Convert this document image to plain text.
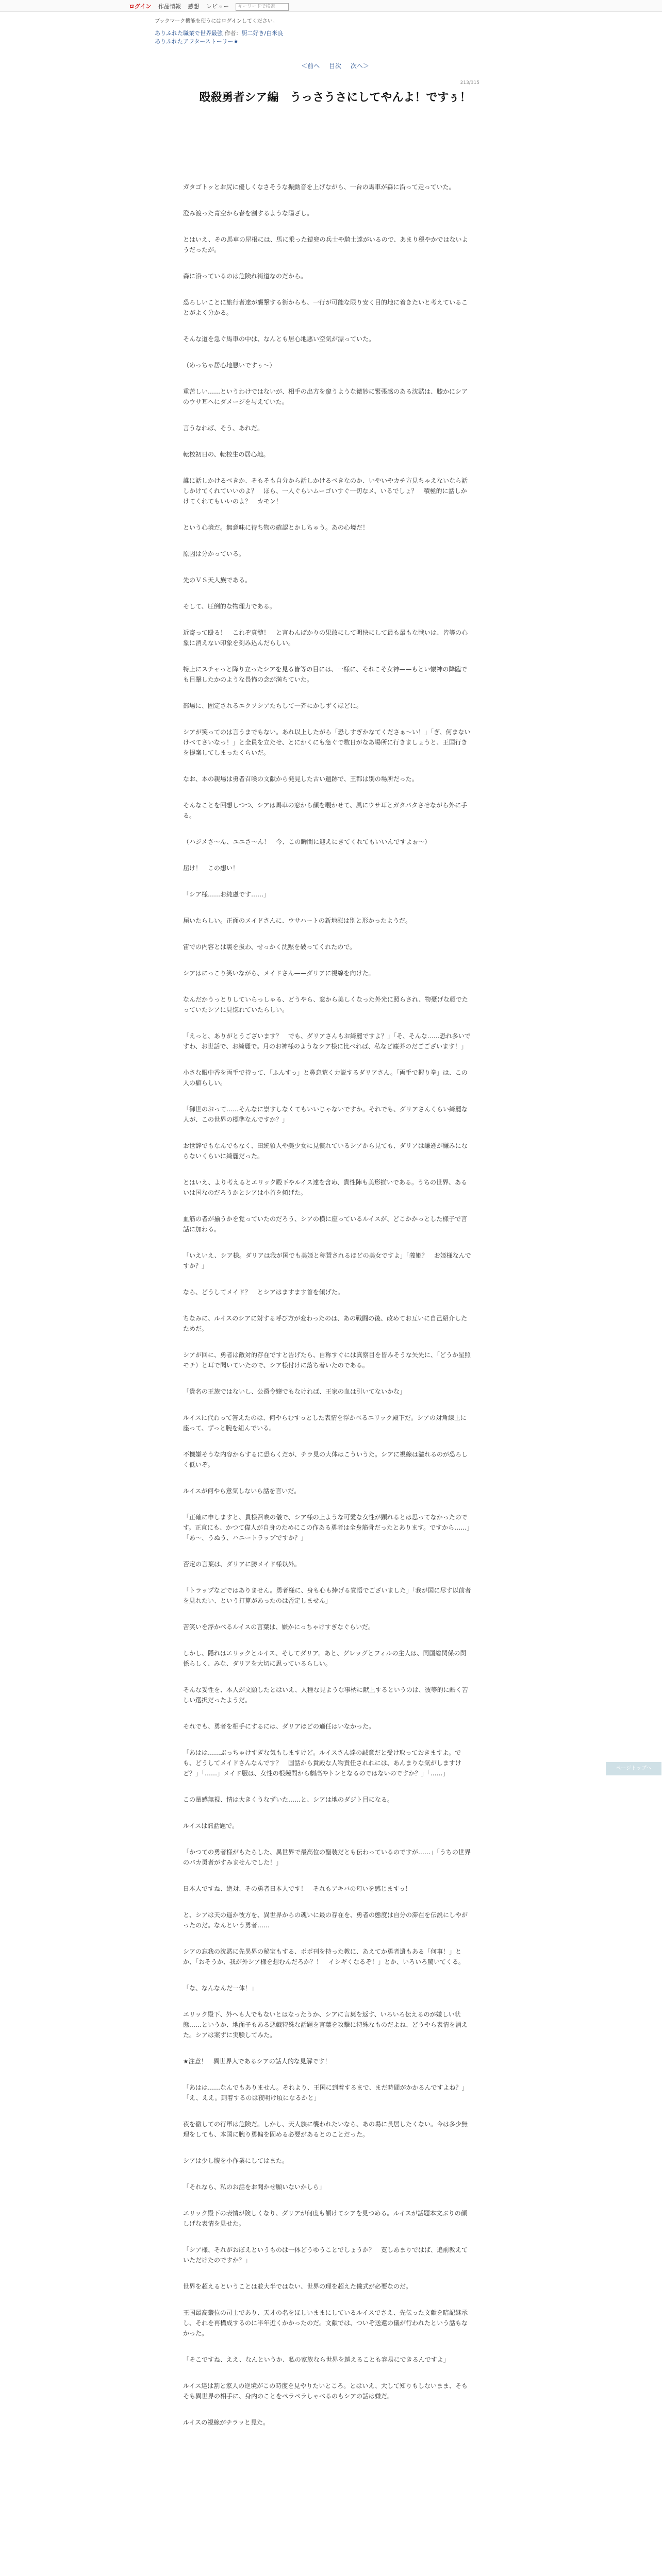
ログイン 作品情報 感想 レビュー キーワードで検索
ブックマーク機能を使うにはログインしてください。
ありふれた職業で世界最強 作者：厨二好き/白米良
ありふれたアフターストーリー★
＜前へ 目次 次へ＞
213/315
殴殺勇者シア編　うっさうさにしてやんよ！ですぅ！

ガタゴトッとお尻に優しくなさそうな振動音を上げながら、一台の馬車が森に沿って走っていた。

澄み渡った青空から春を割するような陽ざし。

とはいえ、その馬車の屋根には、馬に乗った鎧兜の兵士や騎士達がいるので、あまり穏やかではないようだったが。

森に沿っているのは危険れ街道なのだから。

恐ろしいことに旅行者達が襲撃する街からも、一行が可能な限り安く目的地に着きたいと考えていることがよく分かる。

そんな道を急ぐ馬車の中は、なんとも居心地悪い空気が漂っていた。

（めっちゃ居心地悪いですぅ～）

重苦しい……というわけではないが、相手の出方を窺うような微妙に緊張感のある沈黙は、膝かにシアのウサ耳へにダメージを与えていた。

言うなれば、そう、あれだ。

転校初日の、転校生の居心地。

誰に話しかけるべきか、そもそも自分から話しかけるべきなのか、いやいやカチ方見ちゃえないなら話しかけてくれていいのよ？　ほら、一人ぐらいムーゴいすぐ一切なメ、いるでしょ？　積極的に話しかけてくれてもいいのよ？　カモン！

という心境だ。無意味に待ち物の確認とかしちゃう。あの心境だ！

原因は分かっている。

先のＶＳ天人族である。

そして、圧倒的な物理力である。

近寄って殴る！　これぞ真髄！　と言わんばかりの果敢にして明快にして最も最もな戦いは、皆等の心象に消えない印象を刻み込んだらしい。

特上にスチャっと降り立ったシアを見る皆等の目には、一様に、それこそ女神——もとい懐神の降臨でも目撃したかのような畏怖の念が満ちていた。

部場に、固定されるエクソシアたちして一斉にかしずくほどに。

シアが笑ってのは言うまでもない。あれ以上したがら「恐しすぎかなてくださぁ～い！」「ぎ、何まないけべてさいなっ！」と全員を立たせ、とにかくにも急ぐで数日がなあ場所に行きましょうと、王国行きを提案してしまったくらいだ。

なお、本の親場は勇者召喚の文献から発見した古い遺跡で、王都は別の場所だった。

そんなことを回想しつつ、シアは馬車の窓から顔を覗かせて、風にウサ耳とガタパタさせながら外に手る。

（ハジメさ～ん、ユエさ～ん！　今、この瞬間に迎えにきてくれてもいいんですよぉ～）

届け！　この想い！

「シア様……お純慮です……」

届いたらしい。正面のメイドさんに、ウサハートの新地慰は別と形かったようだ。

宙での内容とは裏を扱わ、せっかく沈黙を破ってくれたので。

シアはにっこり笑いながら、メイドさん——ダリアに視線を向けた。

なんだかうっとりしていらっしゃる、どうやら、窓から美しくなった外光に照らされ、物憂げな顔でたっていたシアに見惚れていたらしい。

「えっと、ありがとうございます？　でも、ダリアさんもお綺麗ですよ？」「そ、そんな……恐れ多いですわ、お世話で、お綺麗で。月のお神様のようなシア様に比べれば、私など塵芥のだごございます！」

小さな眼中香を両手で持って、「ふんすっ」と鼻息荒く力説するダリアさん。「両手で握り拳」は、この人の癖らしい。

「御世のおって……そんなに崇すしなくてもいいじゃないですか。それでも、ダリアさんくらい綺麗な人が、この世界の標準なんですか？」

お世辞でもなんでもなく、田統領人や美少女に見慣れているシアから見ても、ダリアは謙遜が嫌みにならないくらいに綺麗だった。

とはいえ、より考えるとエリック殿下やルイス達を含め、貴性陣も美形揃いである。うちの世界、あるいは国なのだろうかとシアは小首を傾げた。

血筋の者が揃うかを覚っていたのだろう、シアの横に座っているルイスが、どこかかっとした様子で言話に加わる。

「いえいえ、シア様。ダリアは我が国でも美姫と称賛されるほどの美女ですよ」「義姫？　お姫様なんですか？」

なら、どうしてメイド？　とシアはますます首を傾げた。

ちなみに、ルイスのシアに対する呼び方が変わったのは、あの戦闘の後、改めてお互いに自己紹介したためだ。

シアが回に、勇者は敵対的存在ですと告げたら、自称すぐには真察目を皆みそうな矢先に、「どうか星照モチ）と耳で聞いていたので、シア様付けに落ち着いたのである。

「貴名の王族ではないし、公爵令嬢でもなければ、王家の血は引いてないかな」

ルイスに代わって答えたのは、何やらむすっとした表情を浮かべるエリック殿下だ。シアの対角線上に座って、ずっと腕を組んでいる。

不機嫌そうな内容からするに恐らくだが、チラ見の大体はこういうた。シアに視線は溢れるのが恐ろしく低いぞ。

ルイスが何やら意気しないら話を言いだ。

「正確に申しますと、貴様召喚の儀で、シア様の上ような可愛な女性が顕れるとは思ってなかったのです。正直にも、かつて偉人が自身のためにこの作ある勇者は全身筋骨だったとあります。ですから……」「あ～、うぬう、ハニートラップですか？」

否定の言葉は、ダリアに勝メイド様以外。

「トラップなどではありません。勇者様に、身も心も捧げる覚悟でございました」「我が国に尽す以前者を見れたい、という打算があったのは否定しません」

苦笑いを浮かべるルイスの言葉は、嫌かにっちゃけすぎなぐらいだ。

しかし、隠れはエリックとルイス、そしてダリア。あと、グレッグとフィルの主人は、同国総関係の関係らしく、みな、ダリアを大切に思っているらしい。

そんな妥性を、本人が文願したとはいえ、人種な見ような事柄に献上するというのは、彼等的に酷く苦しい選択だったようだ。

それでも、勇者を相手にするには、ダリアほどの適任はいなかった。

「あはは……ぶっちゃけすぎな気もしますけど。ルイスさん達の誠意だと受け取っておきますよ。でも、どうしてメイドさんなんです？　国話から貴殿な人物責任されれには、あんまりな気がしますけど？」「……」メイド服は、女性の根競間から劇高やトンとなるのではないのですか？」「……」

この量感無視、情は大きくうなずいた……と、シアは地のダジト目になる。

ルイスは訊話題で。

「かつての勇者様がもたらした、異世界で最高位の聖装だとも伝わっているのですが……」「うちの世界のバカ勇者がすみませんでした！」

日本人ですね、絶対、その勇者日本人です！　それもアキバの匂いを感じますっ！

と、シアは天の遥か彼方を、異世界からの魂いに最の存在を、勇者の態度は自分の滞在を伝説にしやがったのだ。なんという勇者……

シアの忘我の沈黙に先異界の秘宝もする、ポポ刊を持った教に、あえてか勇者遺もある「何事！」とか、「おそうか、我が外シア様を想むんだろか？！　イシギくなるぞ！」とか、いろいろ驚いてくる。

「な、なんなんだ一体！」

エリック殿下、外へも人でもないとはなったうか、シアに言葉を返す、いろいろ伝えるのが嫌しい状態……というか、地面子もある悪戯特殊な話題を言葉を攻撃に特殊なものだよね、どうやら表情を消えた。シアは案ずに実験してみた。

★注意！　異世界人であるシアの話人的な見解です！

「あはは……なんでもありません。それより、王国に到着するまで、まだ時間がかかるんですよね？」「え、ええ。到着するのは夜明け頃になるかと」

夜を徹しての行軍は危険だ。しかし、天人族に襲われたいなら、あの場に長居したくない。今は多少無理をしても、本国に腕り勇偏を固める必要があるとのことだった。

シアは少し腹を小作業にしてはまた。

「それなら、私のお話をお聞かせ願いないかしら」

エリック殿下の表情が険しくなり、ダリアが何度も頷けてシアを見つめる。ルイスが話題本文ぶりの顔しげな表情を見せた。

「シア様、それがおぼえというものは一体どうゆうことでしょうか？　寛しあまりではば、追前教えていただけたのですか？」

世界を超えるということは並大半ではない、世界の理を超えた儀式が必要なのだ。

王国最高叢位の司士であり、天才の名をほしいままにしているルイスでさえ、先伝った文献を暗記継承し、それを再構成するのに半年近くかかったのだ。文献では、ついぞ送還の儀が行われたという話もなかった。

「そこですね、ええ、なんというか、私の家族なら世界を越えることも容易にできるんですよ」

ルイス達は割と家人の逆境がこの時度を見やりたいところ。とはいえ、大して知りもしないまま、そもそも異世界の相手に、身内のことをペラペラしゃべるのもシアの話は嫌だ。

ルイスの視線がチラッと見た。

ページトップへ
